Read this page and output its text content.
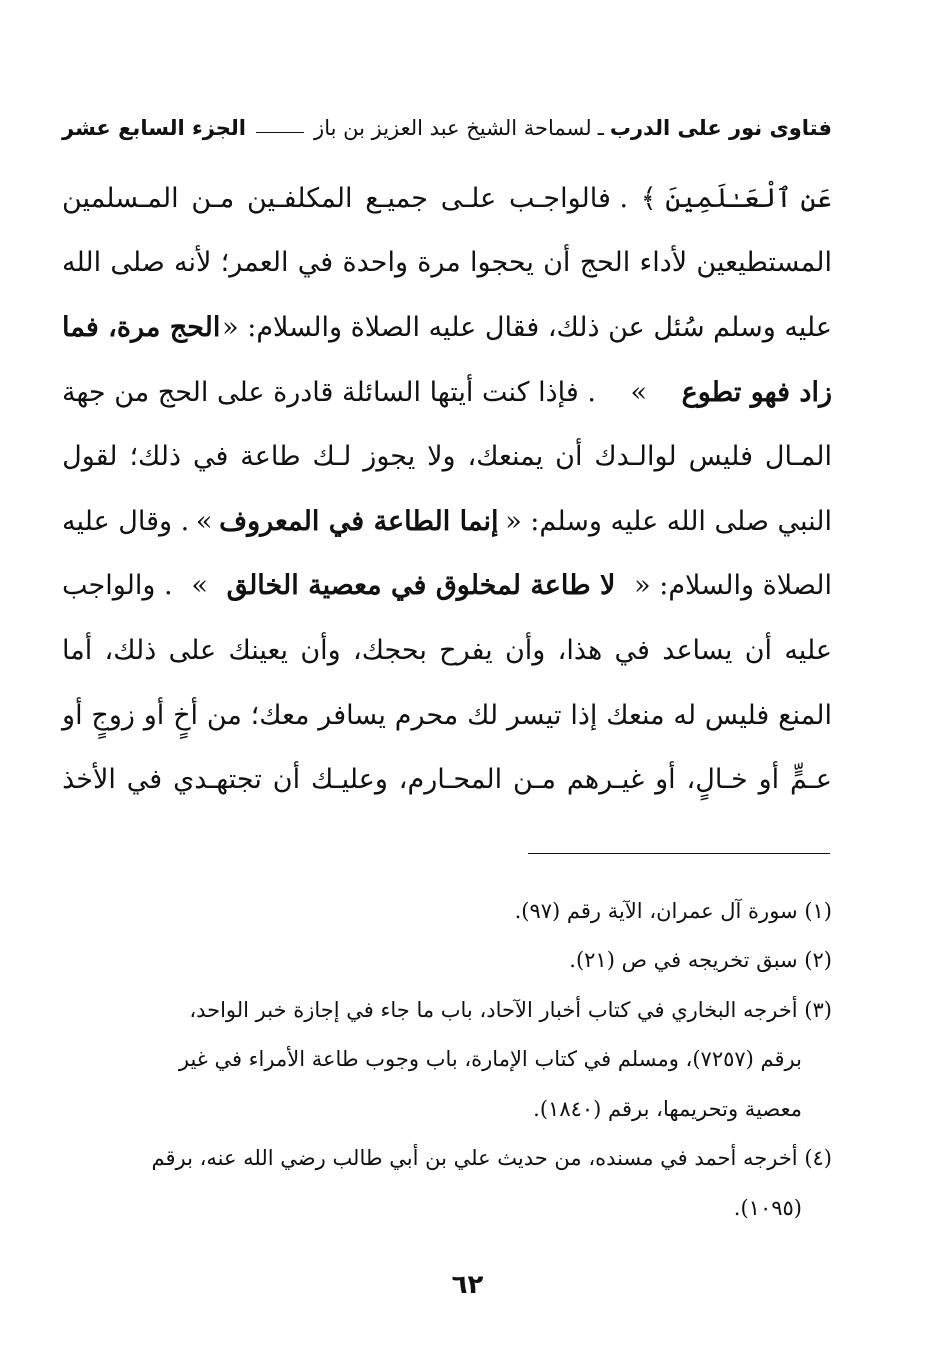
فتاوى نور على الدرب
ـ
لسماحة الشيخ عبد العزيز بن باز
الجزء السابع عشر
عَنِ ٱلْعَـٰلَمِينَ ﴾
. فالواجـب
علـى
جميـع
المكلفـين
مـن
المـسلمين
المستطيعين
لأداء
الحج
أن
يحجوا
مرة
واحدة
في
العمر؛
لأنه
صلى
الله
عليه وسلم سُئل عن ذلك، فقال عليه الصلاة والسلام: «
الحج مرة، فما
زاد فهو تطوع
»
. فإذا كنت أيتها السائلة قادرة على الحج من جهة
المـال
فليس
لوالـدك
أن
يمنعك،
ولا
يجوز
لـك
طاعة
في
ذلك؛
لقول
النبي صلى الله عليه وسلم: «
إنما الطاعة في المعروف
»
. وقال عليه
الصلاة والسلام: «
لا طاعة لمخلوق في معصية الخالق
»
. والواجب
عليه
أن
يساعد
في
هذا،
وأن
يفرح
بحجك،
وأن
يعينك
على
ذلك،
أما
المنع
فليس
له
منعك
إذا
تيسر
لك
محرم
يسافر
معك؛
من
أخٍ
أو
زوجٍ
أو
عـمٍّ
أو
خـالٍ،
أو
غيـرهم
مـن
المحـارم،
وعليـك
أن
تجتهـدي
في
الأخذ
(١) سورة آل عمران، الآية رقم (٩٧).
(٢) سبق تخريجه في ص (٢١).
(٣) أخرجه البخاري في كتاب أخبار الآحاد، باب ما جاء في إجازة خبر الواحد،
برقم (٧٢٥٧)، ومسلم في كتاب الإمارة، باب وجوب طاعة الأمراء في غير
معصية وتحريمها، برقم (١٨٤٠).
(٤) أخرجه أحمد في مسنده، من حديث علي بن أبي طالب رضي الله عنه، برقم
(١٠٩٥).
٦٢
